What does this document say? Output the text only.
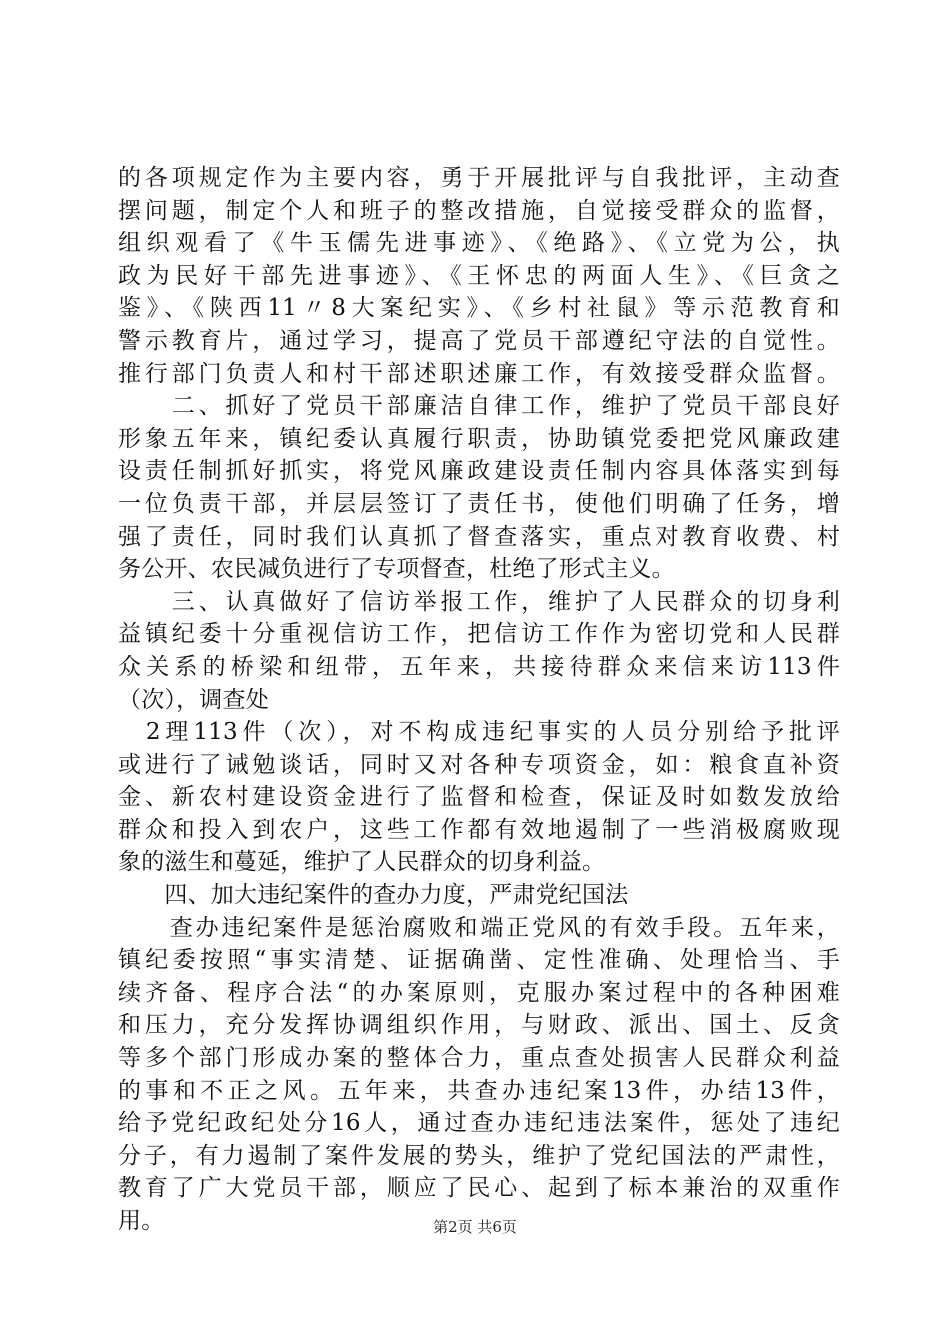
的各项规定作为主要内容，勇于开展批评与自我批评，主动查
摆问题，制定个人和班子的整改措施，自觉接受群众的监督，
组织观看了《牛玉儒先进事迹》、《绝路》、《立党为公，执
政为民好干部先进事迹》、《王怀忠的两面人生》、《巨贪之
鉴》、《陕西11〃8大案纪实》、《乡村社鼠》等示范教育和
警示教育片，通过学习，提高了党员干部遵纪守法的自觉性。
推行部门负责人和村干部述职述廉工作，有效接受群众监督。
　　二、抓好了党员干部廉洁自律工作，维护了党员干部良好
形象五年来，镇纪委认真履行职责，协助镇党委把党风廉政建
设责任制抓好抓实，将党风廉政建设责任制内容具体落实到每
一位负责干部，并层层签订了责任书，使他们明确了任务，增
强了责任，同时我们认真抓了督查落实，重点对教育收费、村
务公开、农民减负进行了专项督查，杜绝了形式主义。
　　三、认真做好了信访举报工作，维护了人民群众的切身利
益镇纪委十分重视信访工作，把信访工作作为密切党和人民群
众关系的桥梁和纽带，五年来，共接待群众来信来访113件
（次），调查处
　2理113件（次），对不构成违纪事实的人员分别给予批评
或进行了诫勉谈话，同时又对各种专项资金，如：粮食直补资
金、新农村建设资金进行了监督和检查，保证及时如数发放给
群众和投入到农户，这些工作都有效地遏制了一些消极腐败现
象的滋生和蔓延，维护了人民群众的切身利益。
　　四、加大违纪案件的查办力度，严肃党纪国法
　　查办违纪案件是惩治腐败和端正党风的有效手段。五年来，
镇纪委按照“事实清楚、证据确凿、定性准确、处理恰当、手
续齐备、程序合法“的办案原则，克服办案过程中的各种困难
和压力，充分发挥协调组织作用，与财政、派出、国土、反贪
等多个部门形成办案的整体合力，重点查处损害人民群众利益
的事和不正之风。五年来，共查办违纪案13件，办结13件，
给予党纪政纪处分16人，通过查办违纪违法案件，惩处了违纪
分子，有力遏制了案件发展的势头，维护了党纪国法的严肃性，
教育了广大党员干部，顺应了民心、起到了标本兼治的双重作
用。	第2页 共6页
